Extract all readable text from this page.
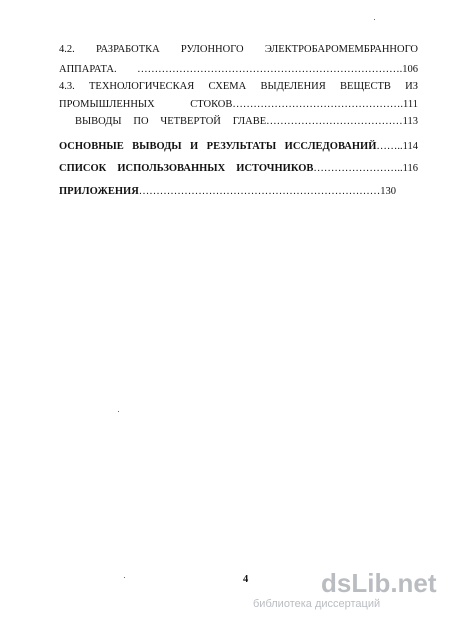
4.2. РАЗРАБОТКА РУЛОННОГО ЭЛЕКТРОБАРОМЕМБРАННОГО
АППАРАТА. ………………………………………………………………….106
4.3. ТЕХНОЛОГИЧЕСКАЯ СХЕМА ВЫДЕЛЕНИЯ ВЕЩЕСТВ ИЗ
ПРОМЫШЛЕННЫХ СТОКОВ………………………………………….111
ВЫВОДЫ ПО ЧЕТВЕРТОЙ ГЛАВЕ…………………………………113
ОСНОВНЫЕ ВЫВОДЫ И РЕЗУЛЬТАТЫ ИССЛЕДОВАНИЙ……..114
СПИСОК ИСПОЛЬЗОВАННЫХ ИСТОЧНИКОВ……………………..116
ПРИЛОЖЕНИЯ……………………………………………………………130
4	dsLib.net
библиотека диссертаций
